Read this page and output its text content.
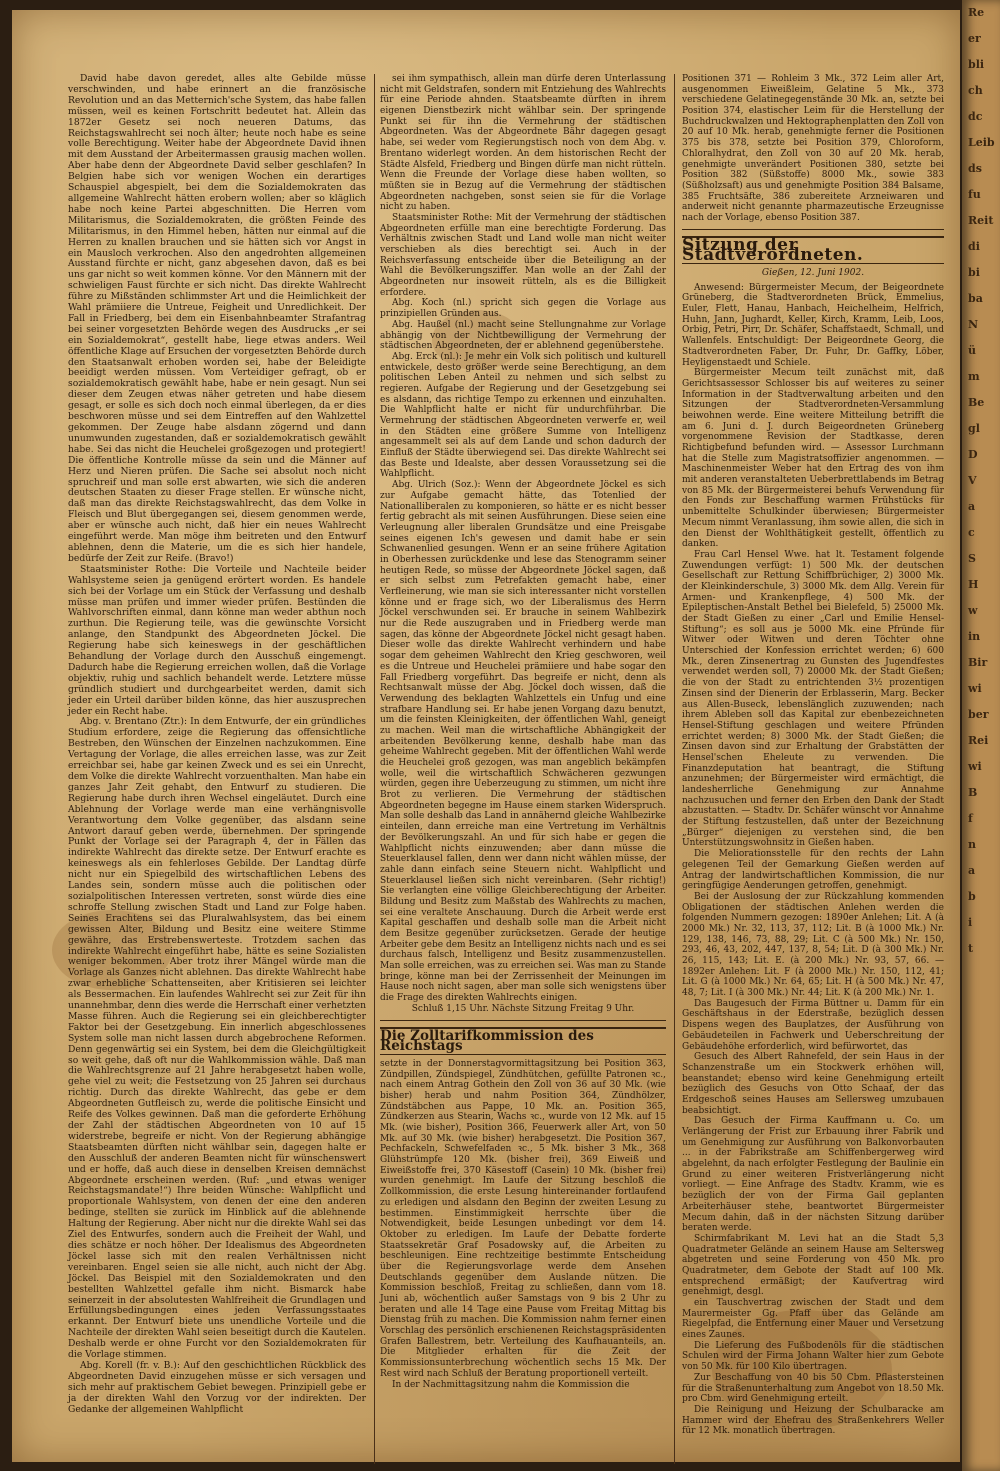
David habe davon geredet, alles alte Gebilde müsse verschwinden, und habe erinnert an die französische Revolution und an das Metternich'sche System, das habe fallen müssen, weil es keinen Fortschritt bedeutet hat. Allein das 1872er Gesetz sei noch neueren Datums, das Reichstagswahlrecht sei noch älter; heute noch habe es seine volle Berechtigung. Weiter habe der Abgeordnete David ihnen mit dem Ausstand der Arbeitermassen grausig machen wollen. Aber habe denn der Abgeordnete David selber geschlafen? In Belgien habe sich vor wenigen Wochen ein derartiges Schauspiel abgespielt, bei dem die Sozialdemokraten das allgemeine Wahlrecht hätten erobern wollen; aber so kläglich habe noch keine Partei abgeschnitten. Die Herren vom Militarismus, die Sozialdemokraten, die größten Feinde des Militarismus, in den Himmel heben, hätten nur einmal auf die Herren zu knallen brauchen und sie hätten sich vor Angst in ein Mausloch verkrochen. Also den angedrohten allgemeinen Ausstand fürchte er nicht, ganz abgesehen davon, daß es bei uns gar nicht so weit kommen könne. Vor den Männern mit der schwieligen Faust fürchte er sich nicht. Das direkte Wahlrecht führe zu Mißständen schlimmster Art und die Heimlichkeit der Wahl prämiiere die Untreue, Feigheit und Unredlichkeit. Der Fall in Friedberg, bei dem ein Eisenbahnbeamter Strafantrag bei seiner vorgesetzten Behörde wegen des Ausdrucks „er sei ein Sozialdemokrat“, gestellt habe, liege etwas anders. Weil öffentliche Klage auf Ersuchen der vorgesetzten Behörde durch den Staatsanwalt erhoben worden sei, habe der Beleidigte beeidigt werden müssen. Vom Verteidiger gefragt, ob er sozialdemokratisch gewählt habe, habe er nein gesagt. Nun sei dieser dem Zeugen etwas näher getreten und habe diesem gesagt, er solle es sich doch noch einmal überlegen, da er dies beschworen müsse und sei dem Eintreffen auf den Wahlzettel gekommen. Der Zeuge habe alsdann zögernd und dann unumwunden zugestanden, daß er sozialdemokratisch gewählt habe. Sei das nicht die Heuchelei großgezogen und protegiert! Die öffentliche Kontrolle müsse da sein und die Männer auf Herz und Nieren prüfen. Die Sache sei absolut noch nicht spruchreif und man solle erst abwarten, wie sich die anderen deutschen Staaten zu dieser Frage stellen. Er wünsche nicht, daß man das direkte Reichstagswahlrecht, das dem Volke in Fleisch und Blut übergegangen sei, diesem genommen werde, aber er wünsche auch nicht, daß hier ein neues Wahlrecht eingeführt werde. Man möge ihm beitreten und den Entwurf ablehnen, denn die Materie, um die es sich hier handele, bedürfe der Zeit zur Reife. (Bravo!)

Staatsminister Rothe: Die Vorteile und Nachteile beider Wahlsysteme seien ja genügend erörtert worden. Es handele sich bei der Vorlage um ein Stück der Verfassung und deshalb müsse man prüfen und immer wieder prüfen. Bestünden die Wahlvorschriften einmal, dann könne man weder abthun noch zurthun. Die Regierung teile, was die gewünschte Vorsicht anlange, den Standpunkt des Abgeordneten Jöckel. Die Regierung habe sich keineswegs in der geschäftlichen Behandlung der Vorlage durch den Ausschuß eingemengt. Dadurch habe die Regierung erreichen wollen, daß die Vorlage objektiv, ruhig und sachlich behandelt werde. Letztere müsse gründlich studiert und durchgearbeitet werden, damit sich jeder ein Urteil darüber bilden könne, das hier auszusprechen jeder ein Recht habe.

Abg. v. Brentano (Ztr.): In dem Entwurfe, der ein gründliches Studium erfordere, zeige die Regierung das offensichtliche Bestreben, den Wünschen der Einzelnen nachzukommen. Eine Vertagung der Vorlage, die alles erreichen lasse, was zur Zeit erreichbar sei, habe gar keinen Zweck und es sei ein Unrecht, dem Volke die direkte Wahlrecht vorzuenthalten. Man habe ein ganzes Jahr Zeit gehabt, den Entwurf zu studieren. Die Regierung habe durch ihren Wechsel eingeläutet. Durch eine Ablehnung der Vorlage werde man eine verhängnisvolle Verantwortung dem Volke gegenüber, das alsdann seine Antwort darauf geben werde, übernehmen. Der springende Punkt der Vorlage sei der Paragraph 4, der in Fällen das indirekte Wahlrecht das direkte setze. Der Entwurf erachte es keineswegs als ein fehlerloses Gebilde. Der Landtag dürfe nicht nur ein Spiegelbild des wirtschaftlichen Lebens des Landes sein, sondern müsse auch die politischen oder sozialpolitischen Interessen vertreten, sonst würde dies eine schroffe Stellung zwischen Stadt und Land zur Folge haben. Seines Erachtens sei das Pluralwahlsystem, das bei einem gewissen Alter, Bildung und Besitz eine weitere Stimme gewähre, das Erstrebenswerteste. Trotzdem sachen das indirekte Wahlrecht eingeführt habe, hätte es seine Sozialisten weniger bekommen. Aber trotz ihrer Mängel würde man die Vorlage als Ganzes nicht ablehnen. Das direkte Wahlrecht habe zwar erhebliche Schattenseiten, aber Kritisieren sei leichter als Bessermachen. Ein laufendes Wahlrecht sei zur Zeit für ihn unannehmbar, denn dies werde die Herrschaft einer verhetzten Masse führen. Auch die Regierung sei ein gleichberechtigter Faktor bei der Gesetzgebung. Ein innerlich abgeschlossenes System solle man nicht lassen durch abgebrochene Reformen. Denn gegenwärtig sei ein System, bei dem die Gleichgültigkeit so weit gehe, daß oft nur die Wahlkommission wähle. Daß man die Wahlrechtsgrenze auf 21 Jahre herabgesetzt haben wolle, gehe viel zu weit; die Festsetzung von 25 Jahren sei durchaus richtig. Durch das direkte Wahlrecht, das gebe er dem Abgeordneten Gutfleisch zu, werde die politische Einsicht und Reife des Volkes gewinnen. Daß man die geforderte Erhöhung der Zahl der städtischen Abgeordneten von 10 auf 15 widerstrebe, begreife er nicht. Von der Regierung abhängige Staatsbeamten dürften nicht wählbar sein, dagegen halte er den Ausschluß der anderen Beamten nicht für wünschenswert und er hoffe, daß auch diese in denselben Kreisen demnächst Abgeordnete erscheinen werden. (Ruf: „und etwas weniger Reichstagsmandate!“) Ihre beiden Wünsche: Wahlpflicht und proportionale Wahlsystem, von denen der eine den anderen bedinge, stellten sie zurück im Hinblick auf die ablehnende Haltung der Regierung. Aber nicht nur die direkte Wahl sei das Ziel des Entwurfes, sondern auch die Freiheit der Wahl, und dies schätze er noch höher. Der Idealismus des Abgeordneten Jöckel lasse sich mit den realen Verhältnissen nicht vereinbaren. Engel seien sie alle nicht, auch nicht der Abg. Jöckel. Das Beispiel mit den Sozialdemokraten und den bestellten Wahlzettel gefalle ihm nicht. Bismarck habe seinerzeit in der absolutesten Wahlfreiheit die Grundlagen und Erfüllungsbedingungen eines jeden Verfassungsstaates erkannt. Der Entwurf biete uns unendliche Vorteile und die Nachteile der direkten Wahl seien beseitigt durch die Kautelen. Deshalb werde er ohne Furcht vor den Sozialdemokraten für die Vorlage stimmen.

Abg. Korell (fr. v. B.): Auf den geschichtlichen Rückblick des Abgeordneten David einzugehen müsse er sich versagen und sich mehr auf praktischem Gebiet bewegen. Prinzipiell gebe er ja der direkten Wahl den Vorzug vor der indirekten. Der Gedanke der allgemeinen Wahlpflicht

sei ihm sympathisch, allein man dürfe deren Unterlassung nicht mit Geldstrafen, sondern mit Entziehung des Wahlrechts für eine Periode ahnden. Staatsbeamte dürften in ihrem eigenen Dienstbezirk nicht wählbar sein. Der springende Punkt sei für ihn die Vermehrung der städtischen Abgeordneten. Was der Abgeordnete Bähr dagegen gesagt habe, sei weder vom Regierungstisch noch von dem Abg. v. Brentano widerlegt worden. An dem historischen Recht der Städte Alsfeld, Friedberg und Bingen dürfe man nicht rütteln. Wenn die Freunde der Vorlage diese haben wollten, so müßten sie in Bezug auf die Vermehrung der städtischen Abgeordneten nachgeben, sonst seien sie für die Vorlage nicht zu haben.

Staatsminister Rothe: Mit der Vermehrung der städtischen Abgeordneten erfülle man eine berechtigte Forderung. Das Verhältnis zwischen Stadt und Land wolle man nicht weiter verschieben als dies berechtigt sei. Auch in der Reichsverfassung entscheide über die Beteiligung an der Wahl die Bevölkerungsziffer. Man wolle an der Zahl der Abgeordneten nur insoweit rütteln, als es die Billigkeit erfordere.

Abg. Koch (nl.) spricht sich gegen die Vorlage aus prinzipiellen Gründen aus.

Abg. Haußel (nl.) macht seine Stellungnahme zur Vorlage abhängig von der Nichtbewilligung der Vermehrung der städtischen Abgeordneten, der er ablehnend gegenüberstehe.

Abg. Erck (nl.): Je mehr ein Volk sich politisch und kulturell entwickele, desto größer werde seine Berechtigung, an dem politischen Leben Anteil zu nehmen und sich selbst zu regieren. Aufgabe der Regierung und der Gesetzgebung sei es alsdann, das richtige Tempo zu erkennen und einzuhalten. Die Wahlpflicht halte er nicht für undurchführbar. Die Vermehrung der städtischen Abgeordneten verwerfe er, weil in den Städten eine größere Summe von Intelligenz angesammelt sei als auf dem Lande und schon dadurch der Einfluß der Städte überwiegend sei. Das direkte Wahlrecht sei das Beste und Idealste, aber dessen Voraussetzung sei die Wahlpflicht.

Abg. Ulrich (Soz.): Wenn der Abgeordnete Jöckel es sich zur Aufgabe gemacht hätte, das Totenlied der Nationalliberalen zu komponieren, so hätte er es nicht besser fertig gebracht als mit seinen Ausführungen. Diese seien eine Verleugnung aller liberalen Grundsätze und eine Preisgabe seines eigenen Ich's gewesen und damit habe er sein Schwanenlied gesungen. Wenn er an seine frühere Agitation in Oberhessen zurückdenke und lese das Stenogramm seiner heutigen Rede, so müsse der Abgeordnete Jöckel sagen, daß er sich selbst zum Petrefakten gemacht habe, einer Verfleinerung, wie man sie sich interessanter nicht vorstellen könne und er frage sich, wo der Liberalismus des Herrn Jöckel verschwunden sei. Er brauche in seinem Wahlbezirk nur die Rede auszugraben und in Friedberg werde man sagen, das könne der Abgeordnete Jöckel nicht gesagt haben. Dieser wolle das direkte Wahlrecht verhindern und habe sogar dem geheimen Wahlrecht den Krieg geschworen, weil es die Untreue und Heuchelei prämiiere und habe sogar den Fall Friedberg vorgeführt. Das begreife er nicht, denn als Rechtsanwalt müsse der Abg. Jöckel doch wissen, daß die Verwendung des beklagten Wahlzettels ein Unfug und eine strafbare Handlung sei. Er habe jenen Vorgang dazu benutzt, um die feinsten Kleinigkeiten, der öffentlichen Wahl, geneigt zu machen. Weil man die wirtschaftliche Abhängigkeit der arbeitenden Bevölkerung kenne, deshalb habe man das geheime Wahlrecht gegeben. Mit der öffentlichen Wahl werde die Heuchelei groß gezogen, was man angeblich bekämpfen wolle, weil die wirtschaftlich Schwächeren gezwungen würden, gegen ihre Ueberzeugung zu stimmen, um nicht ihre Brot zu verlieren. Die Vermehrung der städtischen Abgeordneten begegne im Hause einem starken Widerspruch. Man solle deshalb das Land in annähernd gleiche Wahlbezirke einteilen, dann erreiche man eine Vertretung im Verhältnis der Bevölkerungszahl. An und für sich habe er gegen die Wahlpflicht nichts einzuwenden; aber dann müsse die Steuerklausel fallen, denn wer dann nicht wählen müsse, der zahle dann einfach seine Steuern nicht. Wahlpflicht und Steuerklausel ließen sich nicht vereinbaren. (Sehr richtig!) Sie verlangten eine völlige Gleichberechtigung der Arbeiter. Bildung und Besitz zum Maßstab des Wahlrechts zu machen, sei eine veraltete Anschauung. Durch die Arbeit werde erst Kapital geschaffen und deshalb solle man die Arbeit nicht dem Besitze gegenüber zurücksetzen. Gerade der heutige Arbeiter gebe dem Besitz an Intelligenz nichts nach und es sei durchaus falsch, Intelligenz und Besitz zusammenzustellen. Man solle erreichen, was zu erreichen sei. Was man zu Stande bringe, könne man bei der Zerrissenheit der Meinungen im Hause noch nicht sagen, aber man solle sich wenigstens über die Frage des direkten Wahlrechts einigen.

Schluß 1,15 Uhr. Nächste Sitzung Freitag 9 Uhr.

Die Zolltarifkommission des Reichstags

setzte in der Donnerstagvormittagsitzung bei Position 363, Zündpillen, Zündspiegel, Zündhütchen, gefüllte Patronen ꝛc., nach einem Antrag Gothein den Zoll von 36 auf 30 Mk. (wie bisher) herab und nahm Position 364, Zündhölzer, Zündstäbchen aus Pappe, 10 Mk. an. Position 365, Zündkerzen aus Stearin, Wachs ꝛc., wurde von 12 Mk. auf 15 Mk. (wie bisher), Position 366, Feuerwerk aller Art, von 50 Mk. auf 30 Mk. (wie bisher) herabgesetzt. Die Position 367, Pechfackeln, Schwefelfaden ꝛc., 5 Mk. bisher 3 Mk., 368 Glühstrümpfe 120 Mk. (bisher frei), 369 Eiweiß und Eiweißstoffe frei, 370 Käsestoff (Casein) 10 Mk. (bisher frei) wurden genehmigt. Im Laufe der Sitzung beschloß die Zollkommission, die erste Lesung hintereinander fortlaufend zu erledigen und alsdann den Beginn der zweiten Lesung zu bestimmen. Einstimmigkeit herrschte über die Notwendigkeit, beide Lesungen unbedingt vor dem 14. Oktober zu erledigen. Im Laufe der Debatte forderte Staatssekretär Graf Posadowsky auf, die Arbeiten zu beschleunigen. Eine rechtzeitige bestimmte Entscheidung über die Regierungsvorlage werde dem Ansehen Deutschlands gegenüber dem Auslande nützen. Die Kommission beschloß, Freitag zu schließen, dann vom 18. Juni ab, wöchentlich außer Samstags von 9 bis 2 Uhr zu beraten und alle 14 Tage eine Pause vom Freitag Mittag bis Dienstag früh zu machen. Die Kommission nahm ferner einen Vorschlag des persönlich erschienenen Reichstagspräsidenten Grafen Ballestrem, betr. Verteilung des Kaufhauanteils, an. Die Mitglieder erhalten für die Zeit der Kommissionsunterbrechung wöchentlich sechs 15 Mk. Der Rest wird nach Schluß der Beratung proportionell verteilt.

In der Nachmittagsitzung nahm die Kommission die

Positionen 371 — Rohleim 3 Mk., 372 Leim aller Art, ausgenommen Eiweißleim, Gelatine 5 Mk., 373 verschiedene Gelatinegegenstände 30 Mk. an, setzte bei Position 374, elastischer Leim für die Herstellung der Buchdruckwalzen und Hektographenplatten den Zoll von 20 auf 10 Mk. herab, genehmigte ferner die Positionen 375 bis 378, setzte bei Position 379, Chloroform, Chloralhydrat, den Zoll von 30 auf 20 Mk. herab, genehmigte unverändert Positionen 380, setzte bei Position 382 (Süßstoffe) 8000 Mk., sowie 383 (Süßholzsaft) aus und genehmigte Position 384 Balsame, 385 Fruchtsäfte, 386 zubereitete Arzneiwaren und anderweit nicht genannte pharmazeutische Erzeugnisse nach der Vorlage, ebenso Position 387.

Sitzung der Stadtverordneten.

Gießen, 12. Juni 1902.

Anwesend: Bürgermeister Mecum, der Beigeordnete Grüneberg, die Stadtverordneten Brück, Emmelius, Euler, Flett, Hanau, Hanbach, Heichelheim, Helfrich, Huhn, Jann, Jughardt, Keller, Kirch, Kramm, Leib, Loos, Orbig, Petri, Pirr, Dr. Schäfer, Schaffstaedt, Schmall, und Wallenfels. Entschuldigt: Der Beigeordnete Georg, die Stadtverordneten Faber, Dr. Fuhr, Dr. Gaffky, Löber, Heyligenstaedt und Schiele.

Bürgermeister Mecum teilt zunächst mit, daß Gerichtsassessor Schlosser bis auf weiteres zu seiner Information in der Stadtverwaltung arbeiten und den Sitzungen der Stadtverordneten-Versammlung beiwohnen werde. Eine weitere Mitteilung betrifft die am 6. Juni d. J. durch Beigeordneten Grüneberg vorgenommene Revision der Stadtkasse, deren Richtigbefund befunden wird. — Assessor Lurchmann hat die Stelle zum Magistratsoffizier angenommen. — Maschinenmeister Weber hat den Ertrag des von ihm mit anderen veranstalteten Ueberbrettlabends im Betrag von 85 Mk. der Bürgermeisterei behufs Verwendung für den Fonds zur Beschaffung warmen Frühstücks für unbemittelte Schulkinder überwiesen; Bürgermeister Mecum nimmt Veranlassung, ihm sowie allen, die sich in den Dienst der Wohlthätigkeit gestellt, öffentlich zu danken.

Frau Carl Hensel Wwe. hat lt. Testament folgende Zuwendungen verfügt: 1) 500 Mk. der deutschen Gesellschaft zur Rettung Schiffbrüchiger, 2) 3000 Mk. der Kleinkinderschule, 3) 3000 Mk. dem Allg. Verein für Armen- und Krankenpflege, 4) 500 Mk. der Epileptischen-Anstalt Bethel bei Bielefeld, 5) 25000 Mk. der Stadt Gießen zu einer „Carl und Emilie Hensel-Stiftung“; es soll aus je 5000 Mk. eine Pfründe für Witwer oder Witwen und deren Töchter ohne Unterschied der Konfession errichtet werden; 6) 600 Mk., deren Zinsenertrag zu Gunsten des Jugendfestes verwendet werden soll, 7) 20000 Mk. der Stadt Gießen; die von der Stadt zu entrichtenden 3½ prozentigen Zinsen sind der Dienerin der Erblasserin, Marg. Becker aus Allen-Buseck, lebenslänglich zuzuwenden; nach ihrem Ableben soll das Kapital zur ebenbezeichneten Hensel-Stiftung geschlagen und weitere Pfründen errichtet werden; 8) 3000 Mk. der Stadt Gießen; die Zinsen davon sind zur Erhaltung der Grabstätten der Hensel'schen Eheleute zu verwenden. Die Finanzdeputation hat beantragt, die Stiftung anzunehmen; der Bürgermeister wird ermächtigt, die landesherrliche Genehmigung zur Annahme nachzusuchen und ferner den Erben den Dank der Stadt abzustatten. — Stadtv. Dr. Schäfer wünscht vor Annahme der Stiftung festzustellen, daß unter der Bezeichnung „Bürger“ diejenigen zu verstehen sind, die ben Unterstützungswohnsitz in Gießen haben.

Die Meliorationsstelle für den rechts der Lahn gelegenen Teil der Gemarkung Gießen werden auf Antrag der landwirtschaftlichen Kommission, die nur geringfügige Aenderungen getroffen, genehmigt.

Bei der Auslosung der zur Rückzahlung kommenden Obligationen der städtischen Anlehen werden die folgenden Nummern gezogen: 1890er Anlehen; Lit. A (à 2000 Mk.) Nr. 32, 113, 37, 112; Lit. B (à 1000 Mk.) Nr. 129, 138, 146, 73, 88, 29; Lit. C (à 500 Mk.) Nr. 150, 293, 46, 43, 202, 447, 137, 8, 54; Lit. D (à 300 Mk.) Nr. 26, 115, 143; Lit. E. (à 200 Mk.) Nr. 93, 57, 66. — 1892er Anlehen: Lit. F (à 2000 Mk.) Nr. 150, 112, 41; Lit. G (à 1000 Mk.) Nr. 64, 65; Lit. H (à 500 Mk.) Nr. 47, 48, 7; Lit. I (à 300 Mk.) Nr. 44; Lit. K (à 200 Mk.) Nr. 1.

Das Baugesuch der Firma Büttner u. Damm für ein Geschäftshaus in der Ederstraße, bezüglich dessen Dispens wegen des Bauplatzes, der Ausführung von Gebäudeteilen in Fachwerk und Ueberschreitung der Gebäudehöhe erforderlich, wird befürwortet, das

Gesuch des Albert Rahnefeld, der sein Haus in der Schanzenstraße um ein Stockwerk erhöhen will, beanstandet; ebenso wird keine Genehmigung erteilt bezüglich des Gesuchs von Otto Schaaf, der das Erdgeschoß seines Hauses am Sellersweg umzubauen beabsichtigt.

Das Gesuch der Firma Kauffmann u. Co. um Verlängerung der Frist zur Erbauung ihrer Fabrik und um Genehmigung zur Ausführung von Balkonvorbauten ... in der Fabrikstraße am Schiffenbergerweg wird abgelehnt, da nach erfolgter Festlegung der Baulinie ein Grund zu einer weiteren Fristverlängerung nicht vorliegt. — Eine Anfrage des Stadtv. Kramm, wie es bezüglich der von der Firma Gail geplanten Arbeiterhäuser stehe, beantwortet Bürgermeister Mecum dahin, daß in der nächsten Sitzung darüber beraten werde.

Schirmfabrikant M. Levi hat an die Stadt 5,3 Quadratmeter Gelände an seinem Hause am Seltersweg abgetreten und seine Forderung von 450 Mk. pro Quadratmeter, dem Gebote der Stadt auf 100 Mk. entsprechend ermäßigt; der Kaufvertrag wird genehmigt, desgl.

ein Tauschvertrag zwischen der Stadt und dem Maurermeister Gg. Pfaff über das Gelände am Riegelpfad, die Entfernung einer Mauer und Versetzung eines Zaunes.

Die Lieferung des Fußbodenöls für die städtischen Schulen wird der Firma Johann Walter hier zum Gebote von 50 Mk. für 100 Kilo übertragen.

Zur Beschaffung von 40 bis 50 Cbm. Pflastersteinen für die Straßenunterhaltung zum Angebot von 18.50 Mk. pro Cbm. wird Genehmigung erteilt.

Die Reinigung und Heizung der Schulbaracke am Hammer wird der Ehefrau des Straßenkehrers Weller für 12 Mk. monatlich übertragen.

Re
er
bli
ch
dc
Leib
ds
fu
Reit
di
bi
ba
N
ü
m
Be
gl
D
V
a
c
S
H
w
in
Bir
wi
ber
Rei
wi
B
f
n
a
b
i
t
